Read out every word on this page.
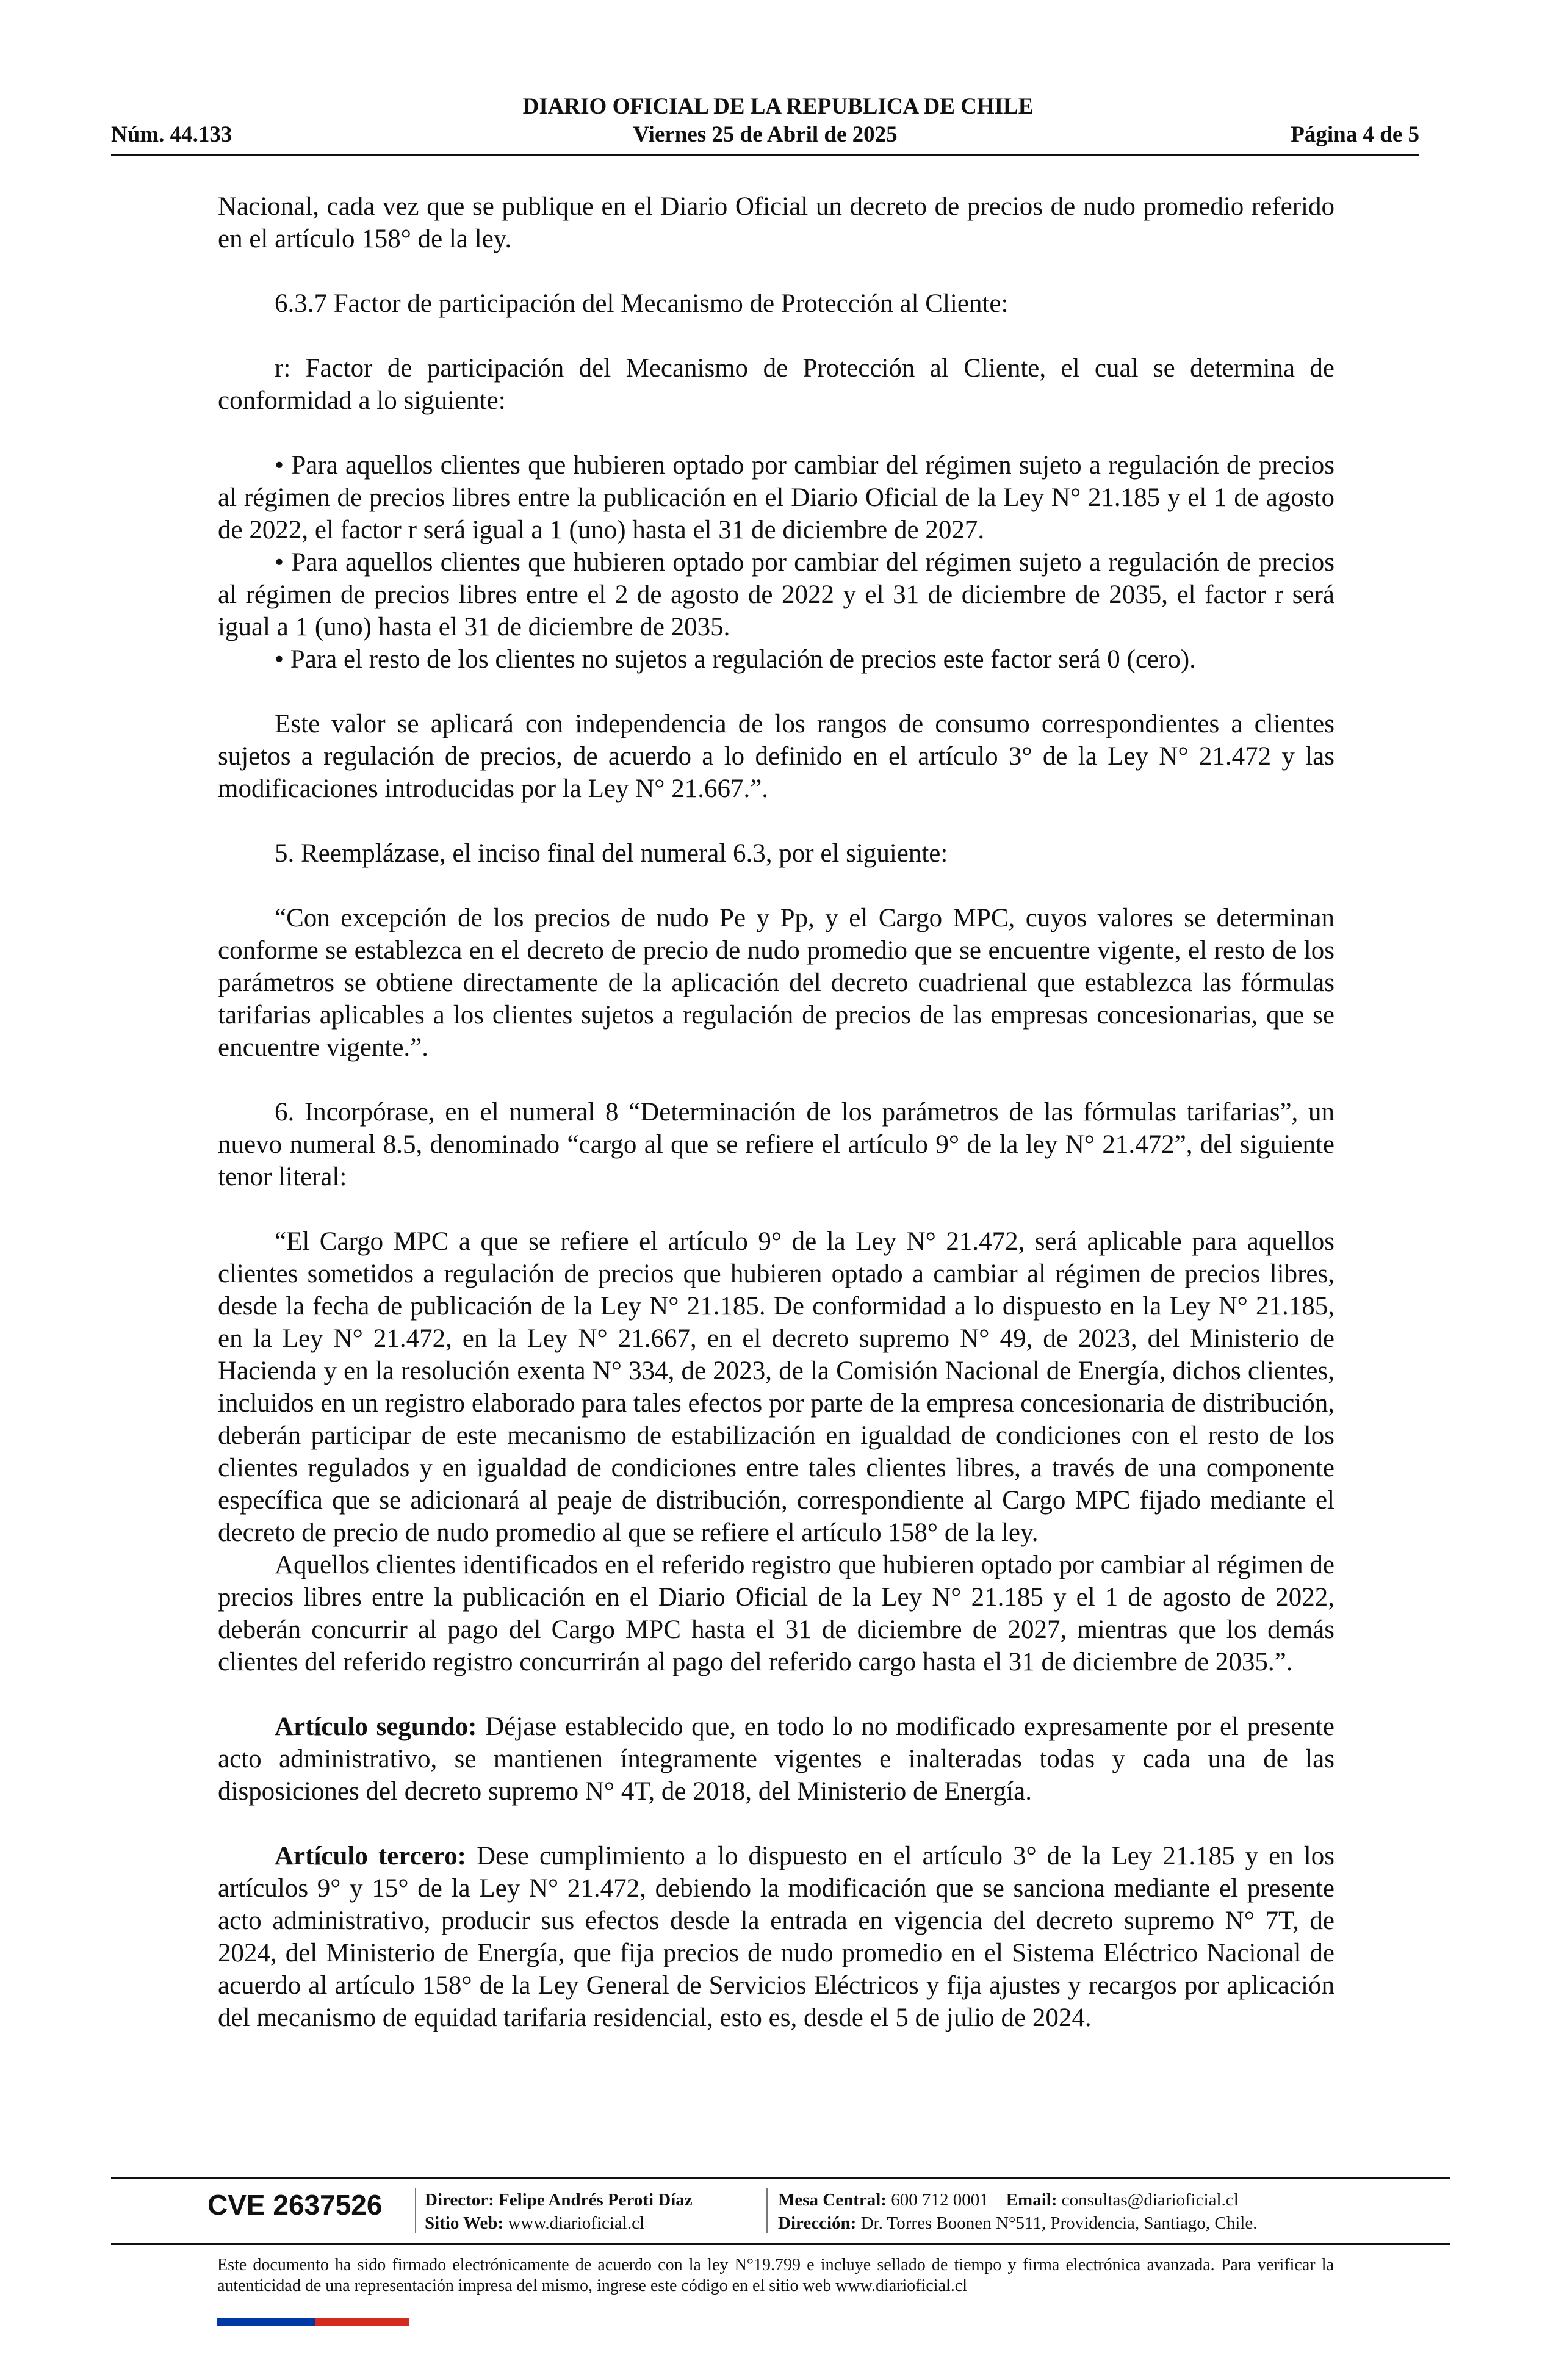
DIARIO OFICIAL DE LA REPUBLICA DE CHILE
Núm. 44.133	Viernes 25 de Abril de 2025	Página 4 de 5

Nacional, cada vez que se publique en el Diario Oficial un decreto de precios de nudo promedio referido en el artículo 158° de la ley.

6.3.7 Factor de participación del Mecanismo de Protección al Cliente:

r: Factor de participación del Mecanismo de Protección al Cliente, el cual se determina de conformidad a lo siguiente:

• Para aquellos clientes que hubieren optado por cambiar del régimen sujeto a regulación de precios al régimen de precios libres entre la publicación en el Diario Oficial de la Ley N° 21.185 y el 1 de agosto de 2022, el factor r será igual a 1 (uno) hasta el 31 de diciembre de 2027.

• Para aquellos clientes que hubieren optado por cambiar del régimen sujeto a regulación de precios al régimen de precios libres entre el 2 de agosto de 2022 y el 31 de diciembre de 2035, el factor r será igual a 1 (uno) hasta el 31 de diciembre de 2035.

• Para el resto de los clientes no sujetos a regulación de precios este factor será 0 (cero).

Este valor se aplicará con independencia de los rangos de consumo correspondientes a clientes sujetos a regulación de precios, de acuerdo a lo definido en el artículo 3° de la Ley N° 21.472 y las modificaciones introducidas por la Ley N° 21.667.”.

5. Reemplázase, el inciso final del numeral 6.3, por el siguiente:

“Con excepción de los precios de nudo Pe y Pp, y el Cargo MPC, cuyos valores se determinan conforme se establezca en el decreto de precio de nudo promedio que se encuentre vigente, el resto de los parámetros se obtiene directamente de la aplicación del decreto cuadrienal que establezca las fórmulas tarifarias aplicables a los clientes sujetos a regulación de precios de las empresas concesionarias, que se encuentre vigente.”.

6. Incorpórase, en el numeral 8 “Determinación de los parámetros de las fórmulas tarifarias”, un nuevo numeral 8.5, denominado “cargo al que se refiere el artículo 9° de la ley N° 21.472”, del siguiente tenor literal:

“El Cargo MPC a que se refiere el artículo 9° de la Ley N° 21.472, será aplicable para aquellos clientes sometidos a regulación de precios que hubieren optado a cambiar al régimen de precios libres, desde la fecha de publicación de la Ley N° 21.185. De conformidad a lo dispuesto en la Ley N° 21.185, en la Ley N° 21.472, en la Ley N° 21.667, en el decreto supremo N° 49, de 2023, del Ministerio de Hacienda y en la resolución exenta N° 334, de 2023, de la Comisión Nacional de Energía, dichos clientes, incluidos en un registro elaborado para tales efectos por parte de la empresa concesionaria de distribución, deberán participar de este mecanismo de estabilización en igualdad de condiciones con el resto de los clientes regulados y en igualdad de condiciones entre tales clientes libres, a través de una componente específica que se adicionará al peaje de distribución, correspondiente al Cargo MPC fijado mediante el decreto de precio de nudo promedio al que se refiere el artículo 158° de la ley.

Aquellos clientes identificados en el referido registro que hubieren optado por cambiar al régimen de precios libres entre la publicación en el Diario Oficial de la Ley N° 21.185 y el 1 de agosto de 2022, deberán concurrir al pago del Cargo MPC hasta el 31 de diciembre de 2027, mientras que los demás clientes del referido registro concurrirán al pago del referido cargo hasta el 31 de diciembre de 2035.”.

Artículo segundo: Déjase establecido que, en todo lo no modificado expresamente por el presente acto administrativo, se mantienen íntegramente vigentes e inalteradas todas y cada una de las disposiciones del decreto supremo N° 4T, de 2018, del Ministerio de Energía.

Artículo tercero: Dese cumplimiento a lo dispuesto en el artículo 3° de la Ley 21.185 y en los artículos 9° y 15° de la Ley N° 21.472, debiendo la modificación que se sanciona mediante el presente acto administrativo, producir sus efectos desde la entrada en vigencia del decreto supremo N° 7T, de 2024, del Ministerio de Energía, que fija precios de nudo promedio en el Sistema Eléctrico Nacional de acuerdo al artículo 158° de la Ley General de Servicios Eléctricos y fija ajustes y recargos por aplicación del mecanismo de equidad tarifaria residencial, esto es, desde el 5 de julio de 2024.

CVE 2637526 Director: Felipe Andrés Peroti Díaz
Sitio Web: www.diarioficial.cl
Mesa Central: 600 712 0001 Email: consultas@diarioficial.cl
Dirección: Dr. Torres Boonen N°511, Providencia, Santiago, Chile.
Este documento ha sido firmado electrónicamente de acuerdo con la ley N°19.799 e incluye sellado de tiempo y firma electrónica avanzada. Para verificar la autenticidad de una representación impresa del mismo, ingrese este código en el sitio web www.diarioficial.cl
